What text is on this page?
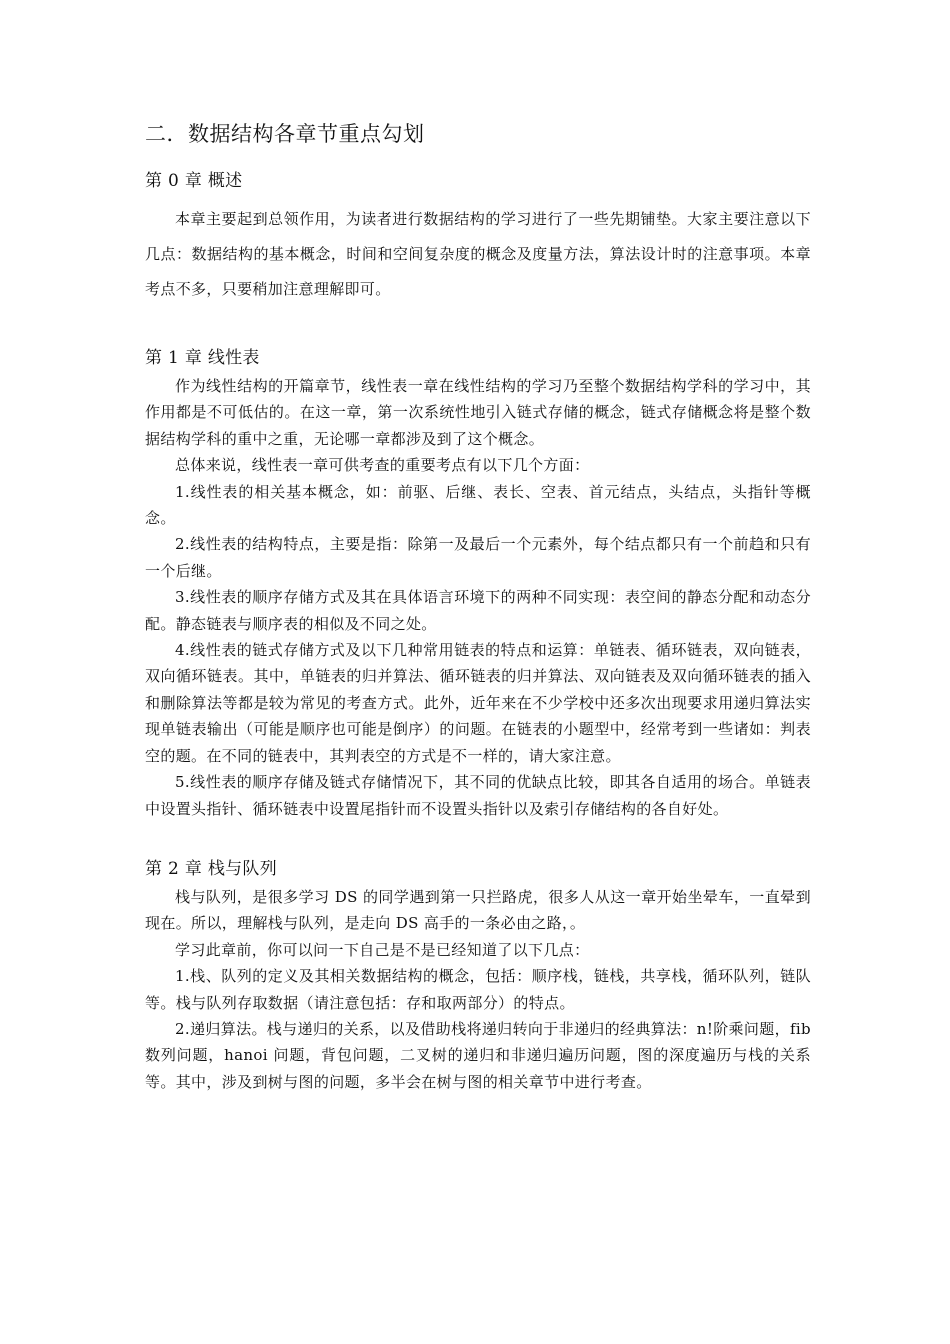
二．数据结构各章节重点勾划
第 0 章 概述

本章主要起到总领作用，为读者进行数据结构的学习进行了一些先期铺垫。大家主要注意以下几点：数据结构的基本概念，时间和空间复杂度的概念及度量方法，算法设计时的注意事项。本章考点不多，只要稍加注意理解即可。

第 1 章 线性表

作为线性结构的开篇章节，线性表一章在线性结构的学习乃至整个数据结构学科的学习中，其作用都是不可低估的。在这一章，第一次系统性地引入链式存储的概念，链式存储概念将是整个数据结构学科的重中之重，无论哪一章都涉及到了这个概念。

总体来说，线性表一章可供考查的重要考点有以下几个方面：

1.线性表的相关基本概念，如：前驱、后继、表长、空表、首元结点，头结点，头指针等概念。

2.线性表的结构特点，主要是指：除第一及最后一个元素外，每个结点都只有一个前趋和只有一个后继。

3.线性表的顺序存储方式及其在具体语言环境下的两种不同实现：表空间的静态分配和动态分配。静态链表与顺序表的相似及不同之处。

4.线性表的链式存储方式及以下几种常用链表的特点和运算：单链表、循环链表，双向链表，双向循环链表。其中，单链表的归并算法、循环链表的归并算法、双向链表及双向循环链表的插入和删除算法等都是较为常见的考查方式。此外，近年来在不少学校中还多次出现要求用递归算法实现单链表输出（可能是顺序也可能是倒序）的问题。在链表的小题型中，经常考到一些诸如：判表空的题。在不同的链表中，其判表空的方式是不一样的，请大家注意。

5.线性表的顺序存储及链式存储情况下，其不同的优缺点比较，即其各自适用的场合。单链表中设置头指针、循环链表中设置尾指针而不设置头指针以及索引存储结构的各自好处。

第 2 章 栈与队列

栈与队列，是很多学习 DS 的同学遇到第一只拦路虎，很多人从这一章开始坐晕车，一直晕到现在。所以，理解栈与队列，是走向 DS 高手的一条必由之路，。

学习此章前，你可以问一下自己是不是已经知道了以下几点：

1.栈、队列的定义及其相关数据结构的概念，包括：顺序栈，链栈，共享栈，循环队列，链队等。栈与队列存取数据（请注意包括：存和取两部分）的特点。

2.递归算法。栈与递归的关系，以及借助栈将递归转向于非递归的经典算法：n!阶乘问题，fib 数列问题，hanoi 问题，背包问题，二叉树的递归和非递归遍历问题，图的深度遍历与栈的关系等。其中，涉及到树与图的问题，多半会在树与图的相关章节中进行考查。
